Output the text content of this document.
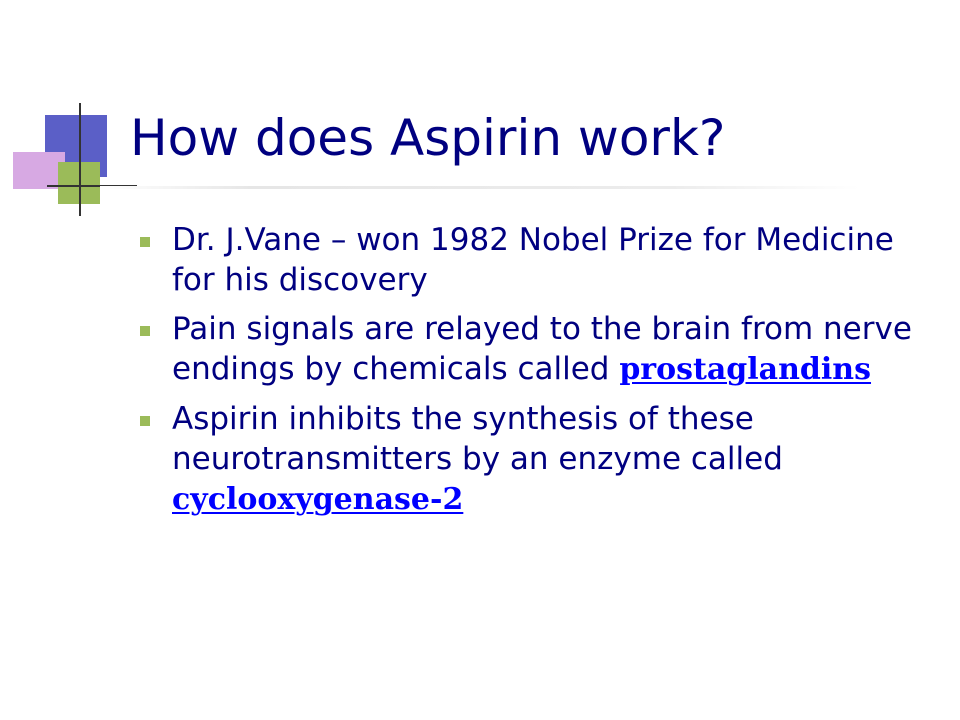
How does Aspirin work?
Dr. J.Vane – won 1982 Nobel Prize for Medicine for his discovery
Pain signals are relayed to the brain from nerve endings by chemicals called prostaglandins
Aspirin inhibits the synthesis of these neurotransmitters by an enzyme called cyclooxygenase-2
